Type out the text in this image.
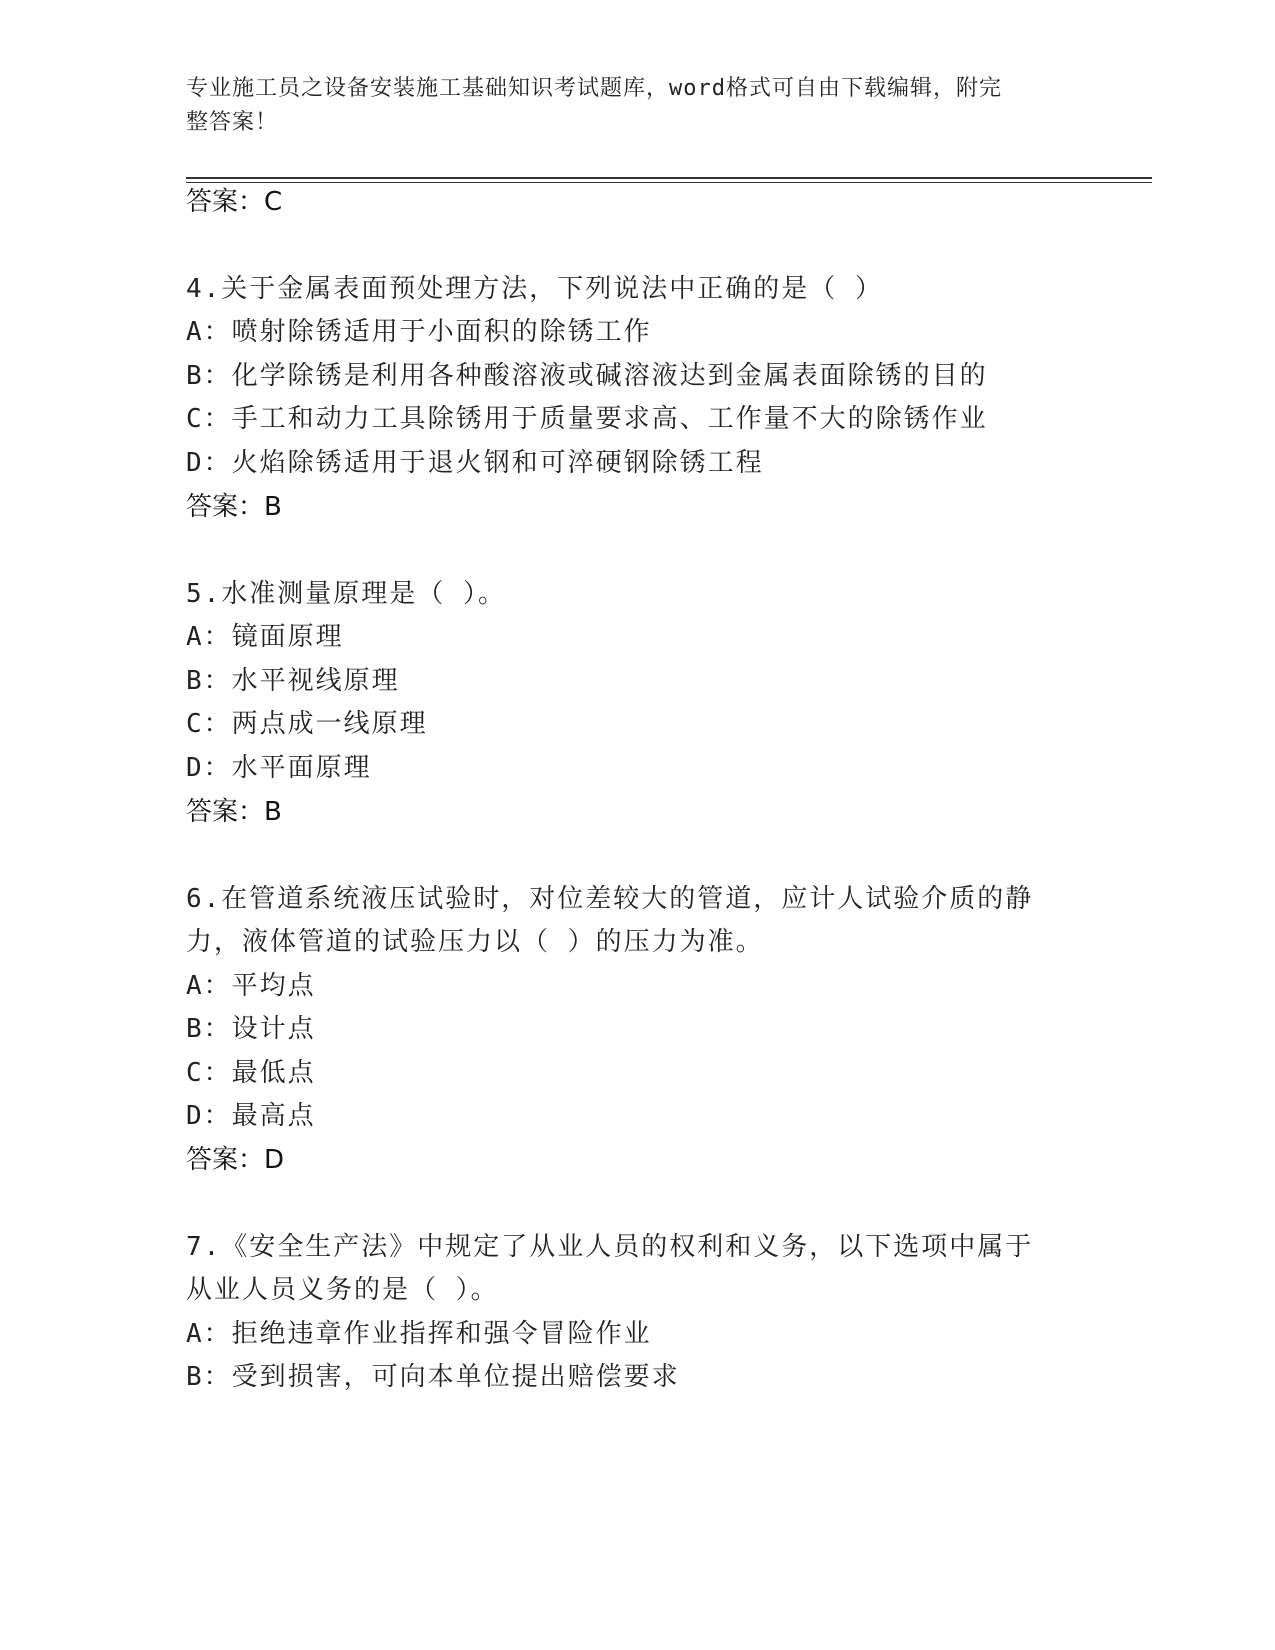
专业施工员之设备安装施工基础知识考试题库，word格式可自由下载编辑，附完
整答案！
答案：C
4.关于金属表面预处理方法，下列说法中正确的是（ ）
A：喷射除锈适用于小面积的除锈工作
B：化学除锈是利用各种酸溶液或碱溶液达到金属表面除锈的目的
C：手工和动力工具除锈用于质量要求高、工作量不大的除锈作业
D：火焰除锈适用于退火钢和可淬硬钢除锈工程
答案：B
5.水准测量原理是（ ）。
A：镜面原理
B：水平视线原理
C：两点成一线原理
D：水平面原理
答案：B
6.在管道系统液压试验时，对位差较大的管道，应计人试验介质的静
力，液体管道的试验压力以（ ）的压力为准。
A：平均点
B：设计点
C：最低点
D：最高点
答案：D
7.《安全生产法》中规定了从业人员的权利和义务，以下选项中属于
从业人员义务的是（ ）。
A：拒绝违章作业指挥和强令冒险作业
B：受到损害，可向本单位提出赔偿要求
